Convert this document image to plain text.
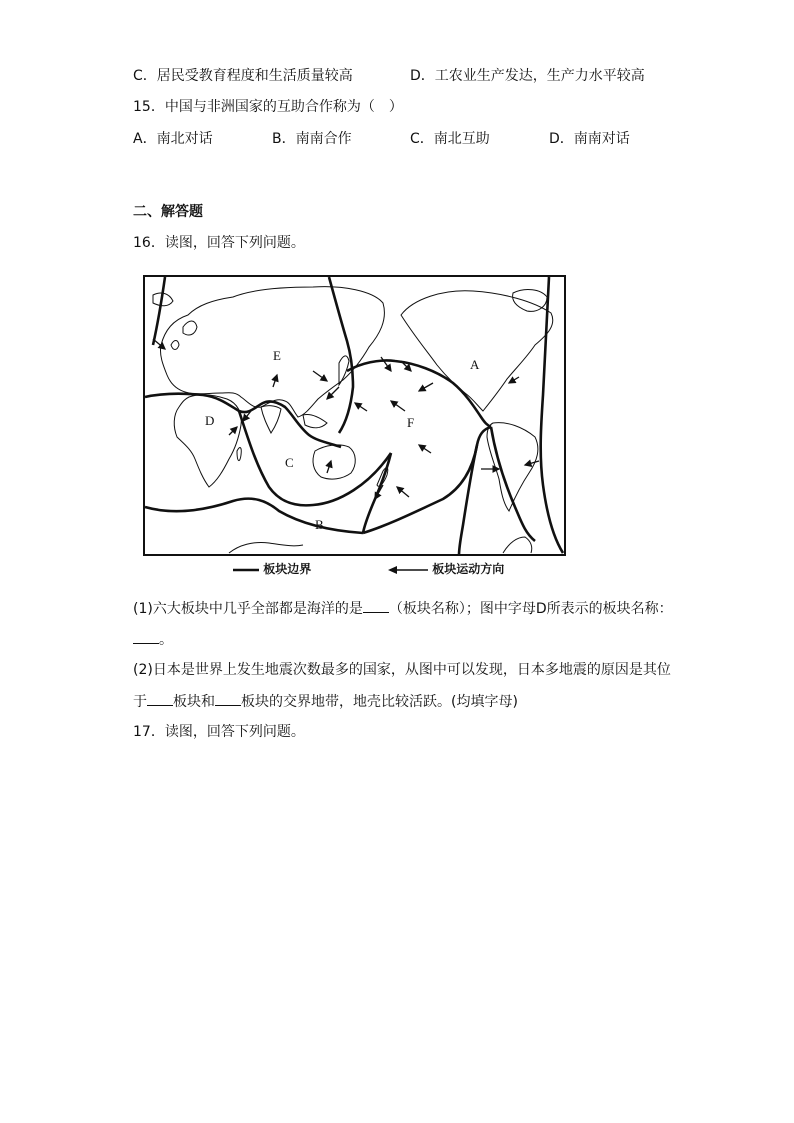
C．居民受教育程度和生活质量较高	D．工农业生产发达，生产力水平较高
15．中国与非洲国家的互助合作称为（　）
A．南北对话	B．南南合作	C．南北互助	D．南南对话
二、解答题
16．读图，回答下列问题。
E
A
D	F
C
B
板块边界	板块运动方向
(1)六大板块中几乎全部都是海洋的是 （板块名称）；图中字母D所表示的板块名称：
。
(2)日本是世界上发生地震次数最多的国家，从图中可以发现，日本多地震的原因是其位
于 板块和 板块的交界地带，地壳比较活跃。(均填字母)
17．读图，回答下列问题。
